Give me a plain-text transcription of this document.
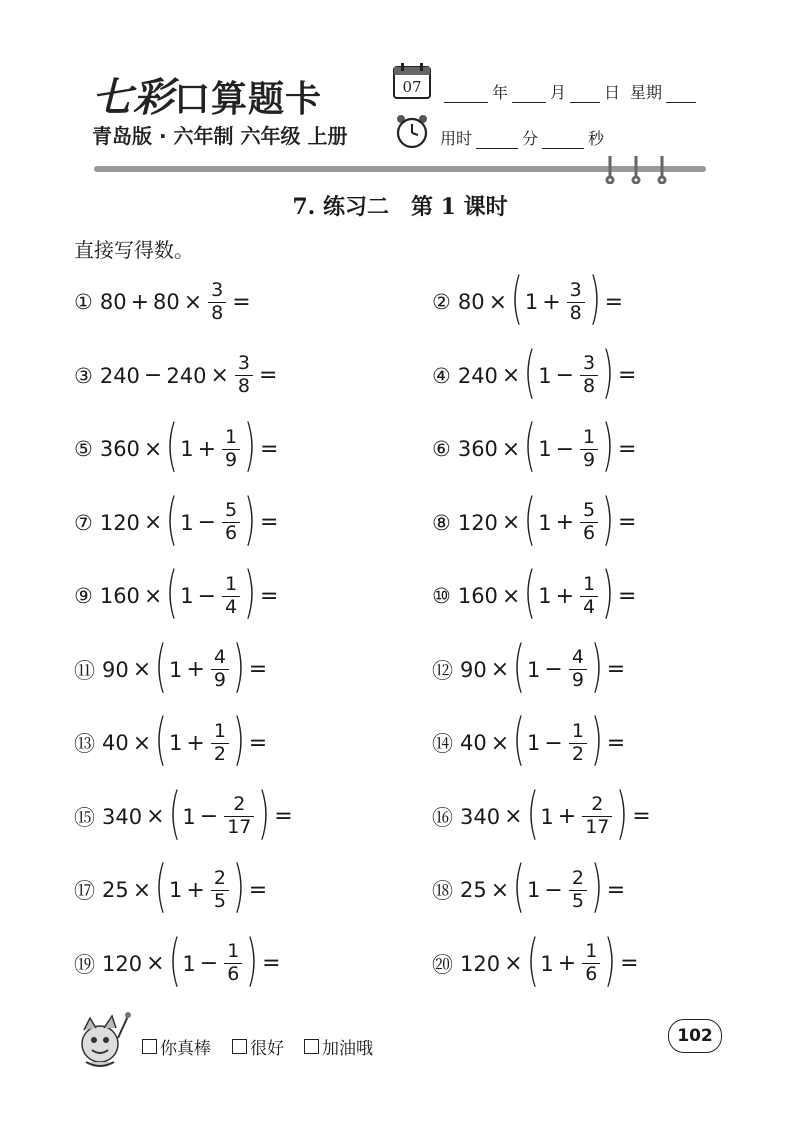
七彩口算题卡
青岛版 · 六年制 六年级 上册
07	年	月 日 星期
用时	分	秒
7. 练习二　第 1 课时
直接写得数。
① $80 + 80 \times \frac{3}{8}$ =	② 80 × ( $1 + \frac{3}{8}$ ) =
③ $240 - 240 \times \frac{3}{8}$ =	④ 240 × ( $1 - \frac{3}{8}$ ) =
⑤ 360 × ( $1 + \frac{1}{9}$ ) =	⑥ 360 × ( $1 - \frac{1}{9}$ ) =
⑦ 120 × ( $1 - \frac{5}{6}$ ) =	⑧ 120 × ( $1 + \frac{5}{6}$ ) =
⑨ 160 × ( $1 - \frac{1}{4}$ ) =	⑩ 160 × ( $1 + \frac{1}{4}$ ) =
⑪ 90 × ( $1 + \frac{4}{9}$ ) =	⑫ 90 × ( $1 - \frac{4}{9}$ ) =
⑬ 40 × ( $1 + \frac{1}{2}$ ) =	⑭ 40 × ( $1 - \frac{1}{2}$ ) =
⑮ 340 × ( $1 - \frac{2}{17}$ ) =	⑯ 340 × ( $1 + \frac{2}{17}$ ) =
⑰ 25 × ( $1 + \frac{2}{5}$ ) =	⑱ 25 × ( $1 - \frac{2}{5}$ ) =
⑲ 120 × ( $1 - \frac{1}{6}$ ) =	⑳ 120 × ( $1 + \frac{1}{6}$ ) =
你真棒 很好 加油哦
102
